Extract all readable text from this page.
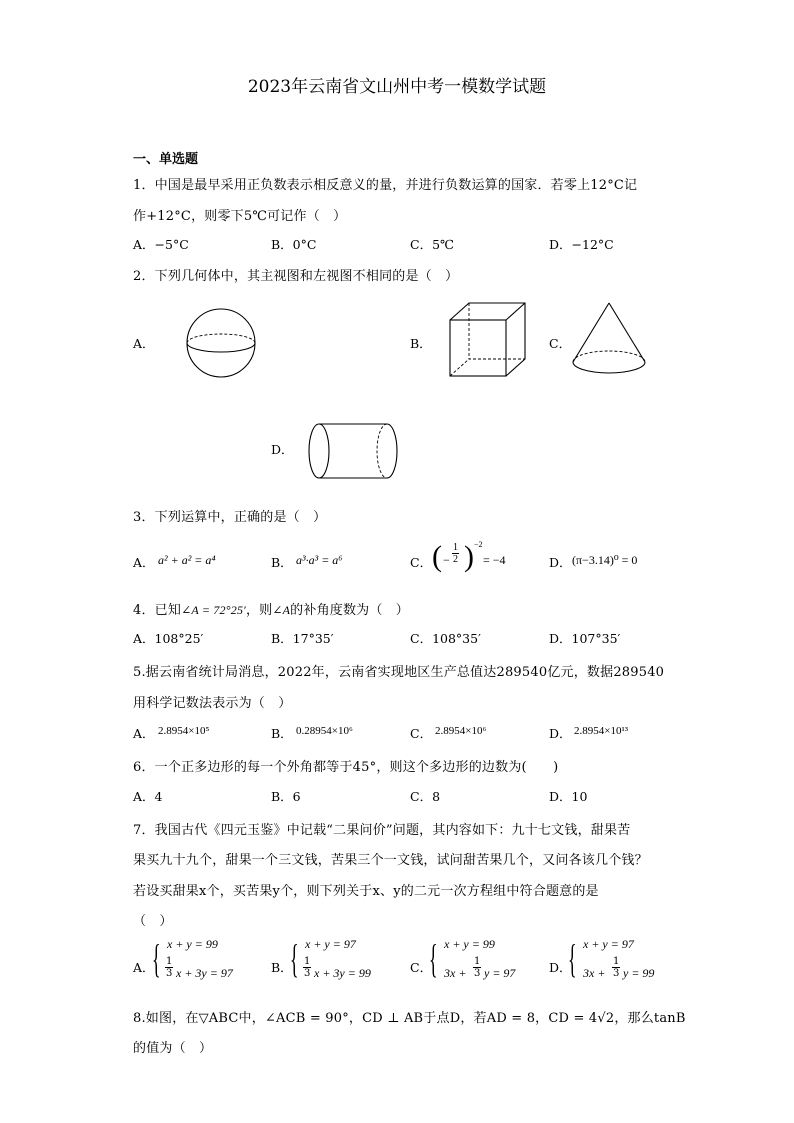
2023年云南省文山州中考一模数学试题
一、单选题
1．中国是最早采用正负数表示相反意义的量，并进行负数运算的国家．若零上12°C记
作+12°C，则零下5℃可记作（　）
A．−5°C	B．0°C	C．5℃	D．−12°C
2．下列几何体中，其主视图和左视图不相同的是（　）
A．	B．	C．
D．
3．下列运算中，正确的是（　）
A． a² + a² = a⁴	B． a³·a³ = a⁶	C． ( − $\frac{1}{2}$ ) −2
= −4	D． (π−3.14)⁰ = 0
4．已知∠A = 72°25′，则∠A的补角度数为（　）
A．108°25′	B．17°35′	C．108°35′	D．107°35′
5.据云南省统计局消息，2022年，云南省实现地区生产总值达289540亿元，数据289540
用科学记数法表示为（　）
A． 2.8954×10⁵	B． 0.28954×10⁶	C． 2.8954×10⁶	D． 2.8954×10¹³
6．一个正多边形的每一个外角都等于45°，则这个多边形的边数为(　　)
A．4	B．6	C．8	D．10
7．我国古代《四元玉鉴》中记载“二果问价”问题，其内容如下：九十七文钱，甜果苦
果买九十九个，甜果一个三文钱，苦果三个一文钱，试问甜苦果几个，又问各该几个钱？
若设买甜果x个，买苦果y个，则下列关于x、y的二元一次方程组中符合题意的是
（　）
A．
{ x + y = 99
$\frac{1}{3}$ x + 3y = 97	B．
{ x + y = 97
$\frac{1}{3}$ x + 3y = 99	C．
{ x + y = 99
$3x + \frac{1}{3}$ y = 97	D．
{ x + y = 97
$3x + \frac{1}{3}$ y = 99
8.如图，在▽ABC中，∠ACB = 90°，CD ⊥ AB于点D，若AD = 8，CD = 4√2，那么tanB
的值为（　）
